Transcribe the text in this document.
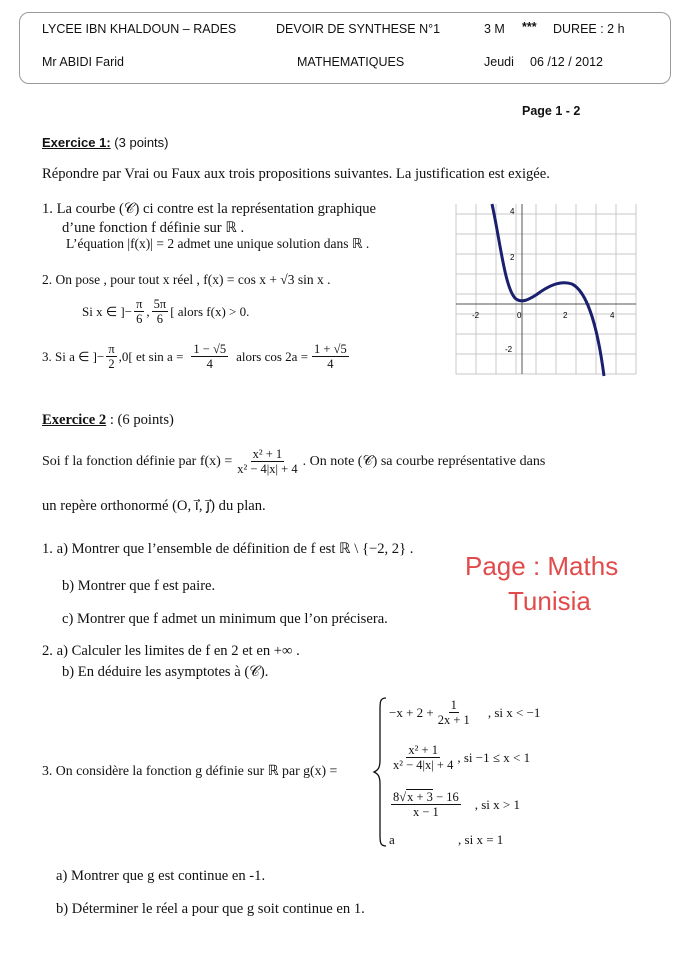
LYCEE IBN KHALDOUN – RADES	DEVOIR DE SYNTHESE N°1	3 M *** DUREE : 2 h
Mr ABIDI Farid	MATHEMATIQUES	Jeudi 06 /12 / 2012
Page 1 - 2
Exercice 1: (3 points)
Répondre par Vrai ou Faux aux trois propositions suivantes. La justification est exigée.
1. La courbe (𝒞) ci contre est la représentation graphique
d’une fonction f définie sur ℝ .
L’équation |f(x)| = 2 admet une unique solution dans ℝ .
2. On pose , pour tout x réel , f(x) = cos x + √3 sin x .
Si x ∈ ]− $\frac{\pi}{6}$ , $\frac{5\pi}{6}$ [ alors f(x) > 0.
3. Si a ∈ ]− $\frac{\pi}{2} ,0$[ et $\sin a = \frac{1 - √5}{4}$ alors $\cos 2a = \frac{1 + √5}{4}$
4
2
-2
-2	0	2	4
Exercice 2 : (6 points)
Soi f la fonction définie par $f(x) = \frac{\text{x² + 1}}{\text{x² − 4|x| + 4}}$ . On note (𝒞) sa courbe représentative dans
un repère orthonormé (O, i⃗, j⃗) du plan.
1. a) Montrer que l’ensemble de définition de f est ℝ \ {−2, 2} .
b) Montrer que f est paire.
c) Montrer que f admet un minimum que l’on précisera.
Page : Maths
Tunisia
2. a) Calculer les limites de f en 2 et en +∞ .
b) En déduire les asymptotes à (𝒞).
3. On considère la fonction g définie sur ℝ par g(x) =
$-x + 2 + \frac{1}{2x + 1}$ , si x < −1
$\frac{\text{x² + 1}}{\text{x² − 4|x| + 4}}$ , si −1 ≤ x < 1
$\frac{8√x + 3 - 16}{x - 1}$ , si x > 1
a	, si x = 1
a) Montrer que g est continue en -1.
b) Déterminer le réel a pour que g soit continue en 1.
